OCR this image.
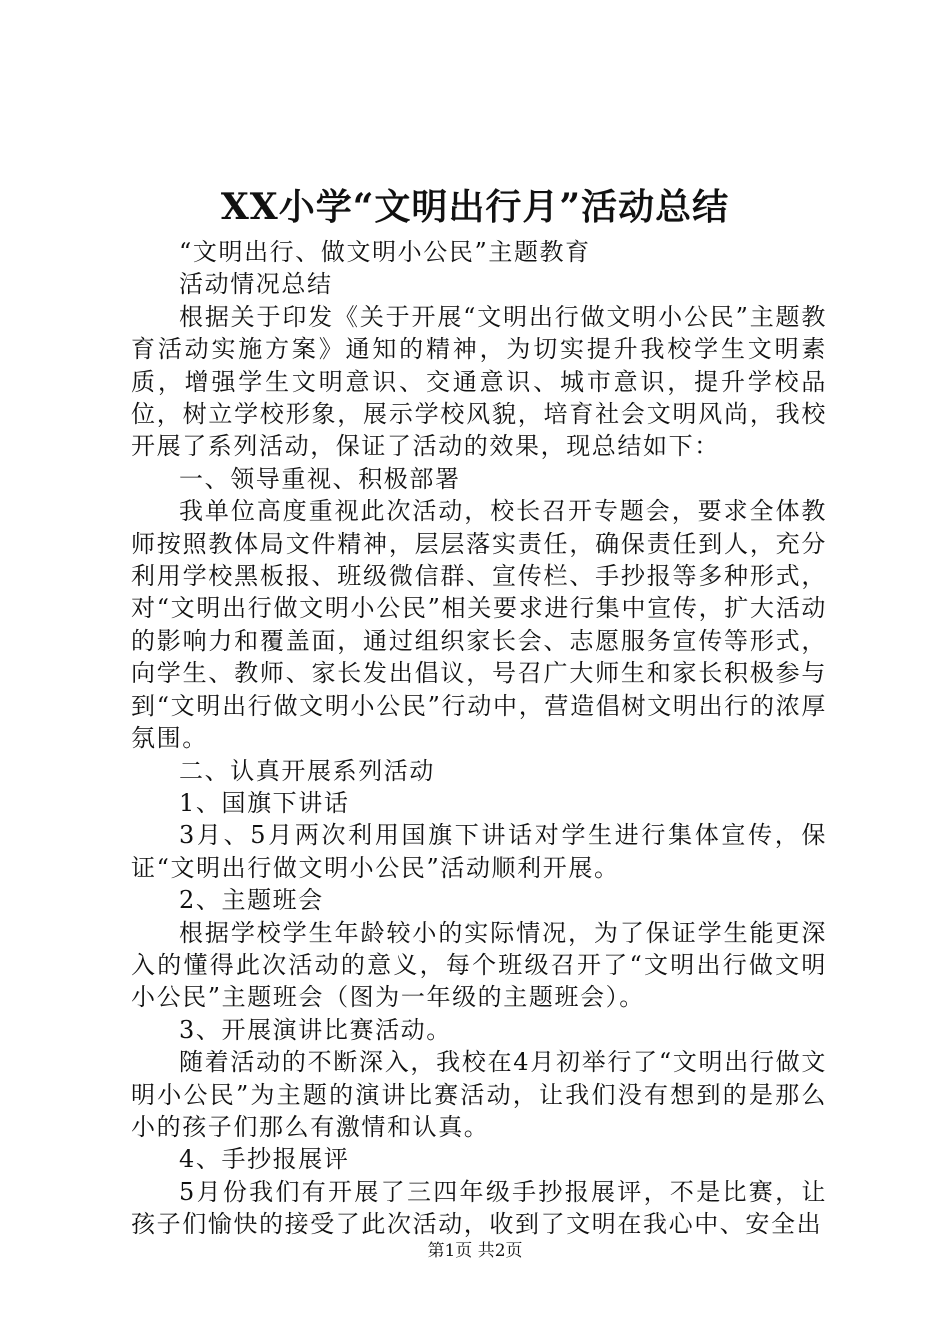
XX小学“文明出行月”活动总结

“文明出行、做文明小公民”主题教育

活动情况总结

根据关于印发《关于开展“文明出行做文明小公民”主题教育活动实施方案》通知的精神，为切实提升我校学生文明素质，增强学生文明意识、交通意识、城市意识，提升学校品位，树立学校形象，展示学校风貌，培育社会文明风尚，我校开展了系列活动，保证了活动的效果，现总结如下：

一、领导重视、积极部署

我单位高度重视此次活动，校长召开专题会，要求全体教师按照教体局文件精神，层层落实责任，确保责任到人，充分利用学校黑板报、班级微信群、宣传栏、手抄报等多种形式，对“文明出行做文明小公民”相关要求进行集中宣传，扩大活动的影响力和覆盖面，通过组织家长会、志愿服务宣传等形式，向学生、教师、家长发出倡议，号召广大师生和家长积极参与到“文明出行做文明小公民”行动中，营造倡树文明出行的浓厚氛围。

二、认真开展系列活动

1、国旗下讲话

3月、5月两次利用国旗下讲话对学生进行集体宣传，保证“文明出行做文明小公民”活动顺利开展。

2、主题班会

根据学校学生年龄较小的实际情况，为了保证学生能更深入的懂得此次活动的意义，每个班级召开了“文明出行做文明小公民”主题班会（图为一年级的主题班会）。

3、开展演讲比赛活动。

随着活动的不断深入，我校在4月初举行了“文明出行做文明小公民”为主题的演讲比赛活动，让我们没有想到的是那么小的孩子们那么有激情和认真。

4、手抄报展评

5月份我们有开展了三四年级手抄报展评，不是比赛，让孩子们愉快的接受了此次活动，收到了文明在我心中、安全出

第1页 共2页
